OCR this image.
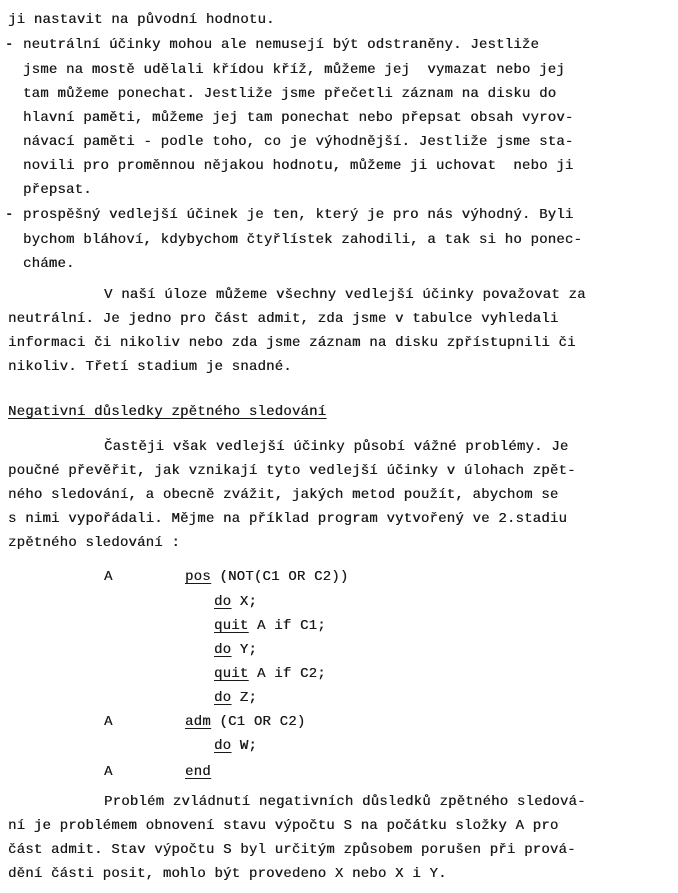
ji nastavit na původní hodnotu.
- neutrální účinky mohou ale nemusejí být odstraněny. Jestliže
jsme na mostě udělali křídou kříž, můžeme jej  vymazat nebo jej
tam můžeme ponechat. Jestliže jsme přečetli záznam na disku do
hlavní paměti, můžeme jej tam ponechat nebo přepsat obsah vyrov-
návací paměti - podle toho, co je výhodnější. Jestliže jsme sta-
novili pro proměnnou nějakou hodnotu, můžeme ji uchovat  nebo ji
přepsat.
- prospěšný vedlejší účinek je ten, který je pro nás výhodný. Byli
bychom bláhoví, kdybychom čtyřlístek zahodili, a tak si ho ponec-
cháme.
V naší úloze můžeme všechny vedlejší účinky považovat za
neutrální. Je jedno pro část admit, zda jsme v tabulce vyhledali
informaci či nikoliv nebo zda jsme záznam na disku zpřístupnili či
nikoliv. Třetí stadium je snadné.
Negativní důsledky zpětného sledování
Častěji však vedlejší účinky působí vážné problémy. Je
poučné převěřit, jak vznikají tyto vedlejší účinky v úlohach zpět-
ného sledování, a obecně zvážit, jakých metod použít, abychom se
s nimi vypořádali. Mějme na příklad program vytvořený ve 2.stadiu
zpětného sledování :
A	pos (NOT(C1 OR C2))
do X;
quit A if C1;
do Y;
quit A if C2;
do Z;
A	adm (C1 OR C2)
do W;
A	end
Problém zvládnutí negativních důsledků zpětného sledová-
ní je problémem obnovení stavu výpočtu S na počátku složky A pro
část admit. Stav výpočtu S byl určitým způsobem porušen při prová-
dění části posit, mohlo být provedeno X nebo X i Y.
